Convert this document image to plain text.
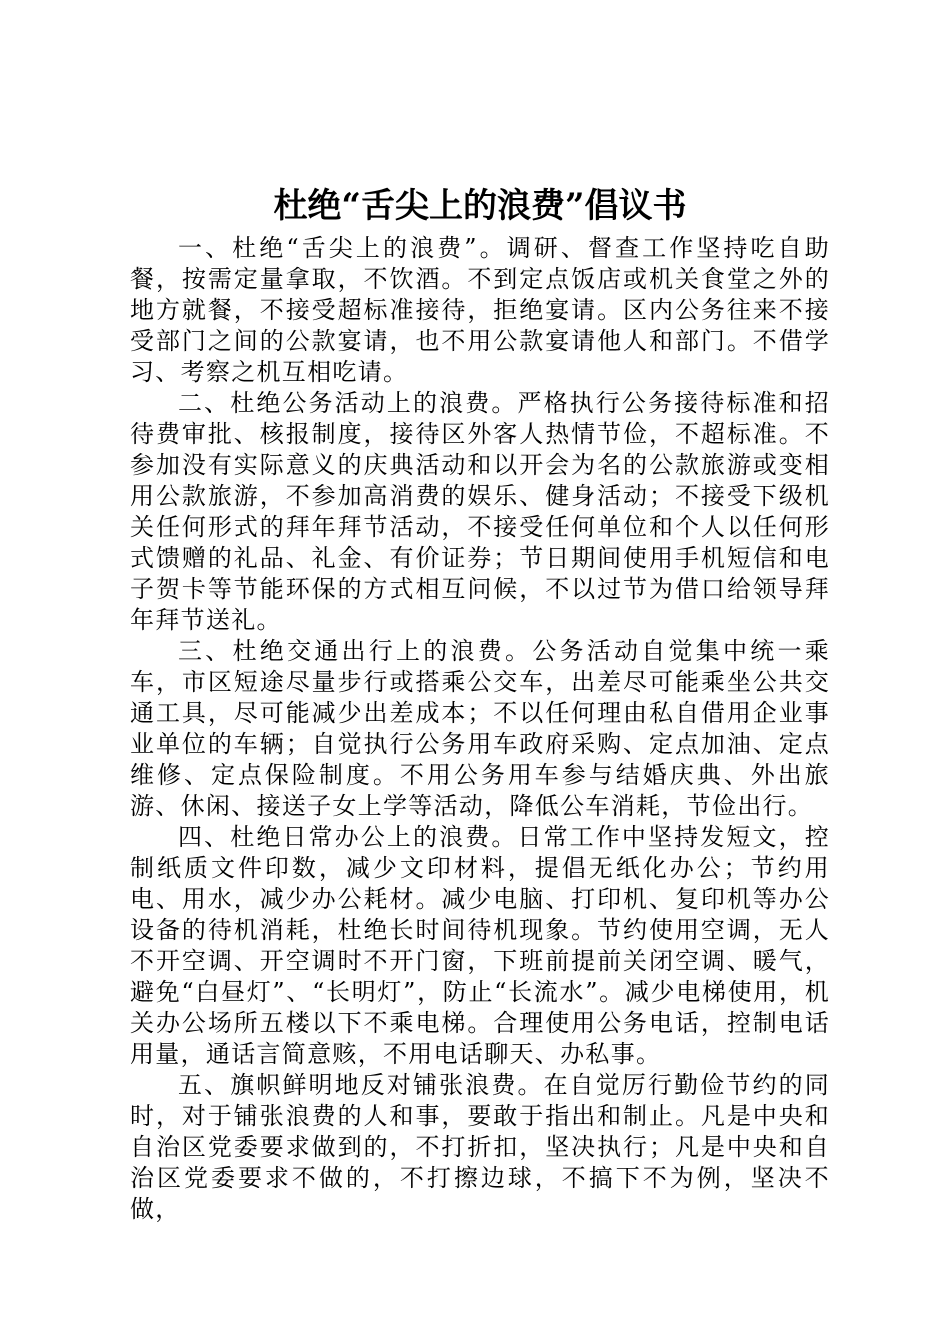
杜绝“舌尖上的浪费”倡议书

一、杜绝“舌尖上的浪费”。调研、督查工作坚持吃自助餐，按需定量拿取，不饮酒。不到定点饭店或机关食堂之外的地方就餐，不接受超标准接待，拒绝宴请。区内公务往来不接受部门之间的公款宴请，也不用公款宴请他人和部门。不借学习、考察之机互相吃请。

二、杜绝公务活动上的浪费。严格执行公务接待标准和招待费审批、核报制度，接待区外客人热情节俭，不超标准。不参加没有实际意义的庆典活动和以开会为名的公款旅游或变相用公款旅游，不参加高消费的娱乐、健身活动；不接受下级机关任何形式的拜年拜节活动，不接受任何单位和个人以任何形式馈赠的礼品、礼金、有价证券；节日期间使用手机短信和电子贺卡等节能环保的方式相互问候，不以过节为借口给领导拜年拜节送礼。

三、杜绝交通出行上的浪费。公务活动自觉集中统一乘车，市区短途尽量步行或搭乘公交车，出差尽可能乘坐公共交通工具，尽可能减少出差成本；不以任何理由私自借用企业事业单位的车辆；自觉执行公务用车政府采购、定点加油、定点维修、定点保险制度。不用公务用车参与结婚庆典、外出旅游、休闲、接送子女上学等活动，降低公车消耗，节俭出行。

四、杜绝日常办公上的浪费。日常工作中坚持发短文，控制纸质文件印数，减少文印材料，提倡无纸化办公；节约用电、用水，减少办公耗材。减少电脑、打印机、复印机等办公设备的待机消耗，杜绝长时间待机现象。节约使用空调，无人不开空调、开空调时不开门窗，下班前提前关闭空调、暖气，避免“白昼灯”、“长明灯”，防止“长流水”。减少电梯使用，机关办公场所五楼以下不乘电梯。合理使用公务电话，控制电话用量，通话言简意赅，不用电话聊天、办私事。

五、旗帜鲜明地反对铺张浪费。在自觉厉行勤俭节约的同时，对于铺张浪费的人和事，要敢于指出和制止。凡是中央和自治区党委要求做到的，不打折扣，坚决执行；凡是中央和自治区党委要求不做的，不打擦边球，不搞下不为例，坚决不做，
